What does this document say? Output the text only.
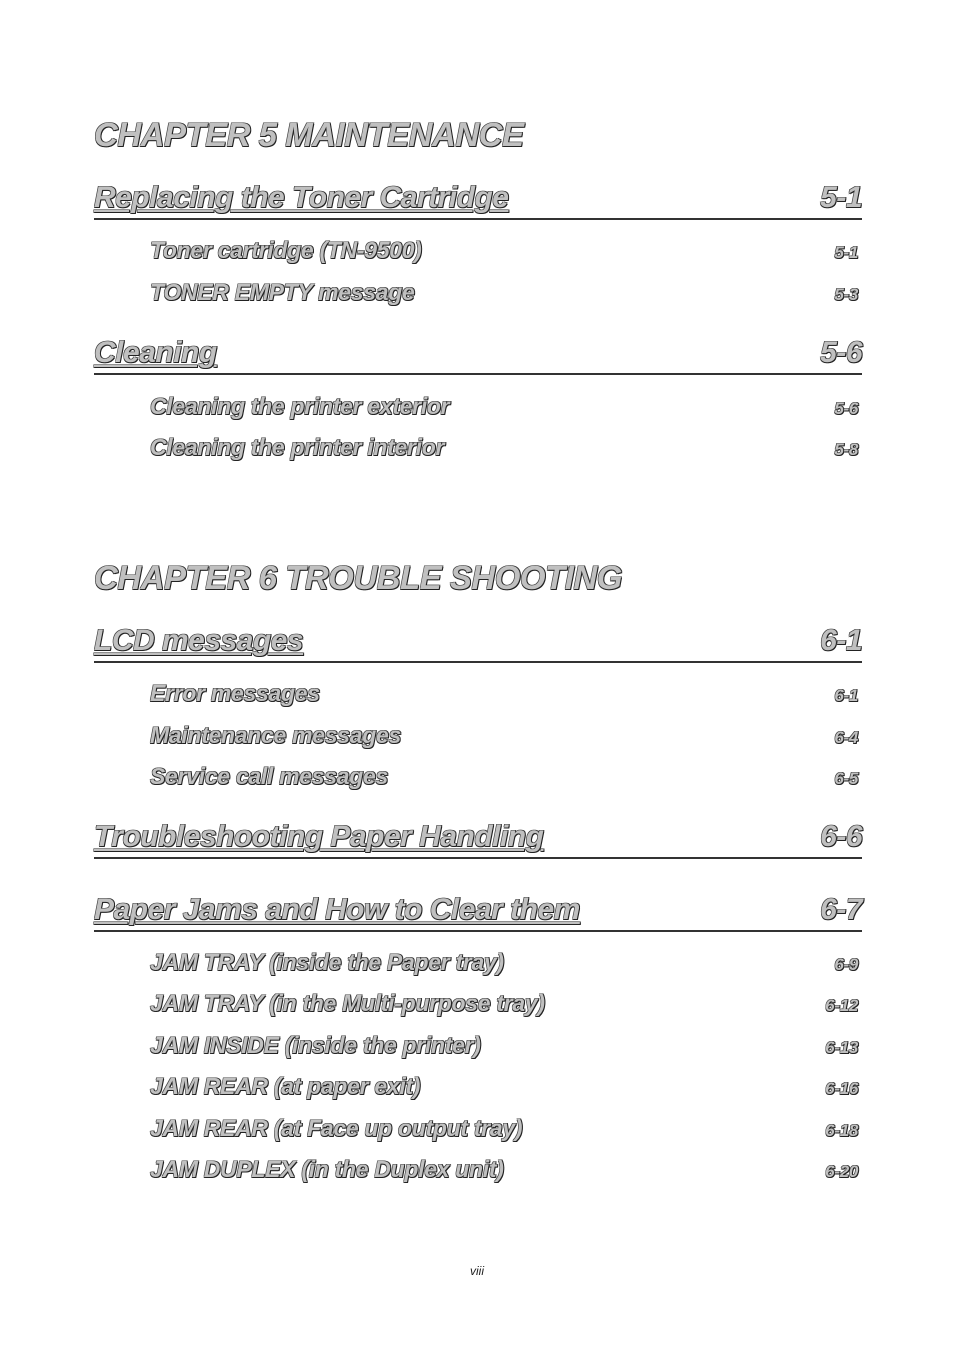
CHAPTER 5 MAINTENANCE
Replacing the Toner Cartridge	5-1
Toner cartridge (TN-9500)	5-1
TONER EMPTY message	5-3
Cleaning	5-6
Cleaning the printer exterior	5-6
Cleaning the printer interior	5-8
CHAPTER 6 TROUBLE SHOOTING
LCD messages	6-1
Error messages	6-1
Maintenance messages	6-4
Service call messages	6-5
Troubleshooting Paper Handling	6-6
Paper Jams and How to Clear them	6-7
JAM TRAY (inside the Paper tray)	6-9
JAM TRAY (in the Multi-purpose tray)	6-12
JAM INSIDE (inside the printer)	6-13
JAM REAR (at paper exit)	6-16
JAM REAR (at Face up output tray)	6-18
JAM DUPLEX (in the Duplex unit)	6-20
viii
